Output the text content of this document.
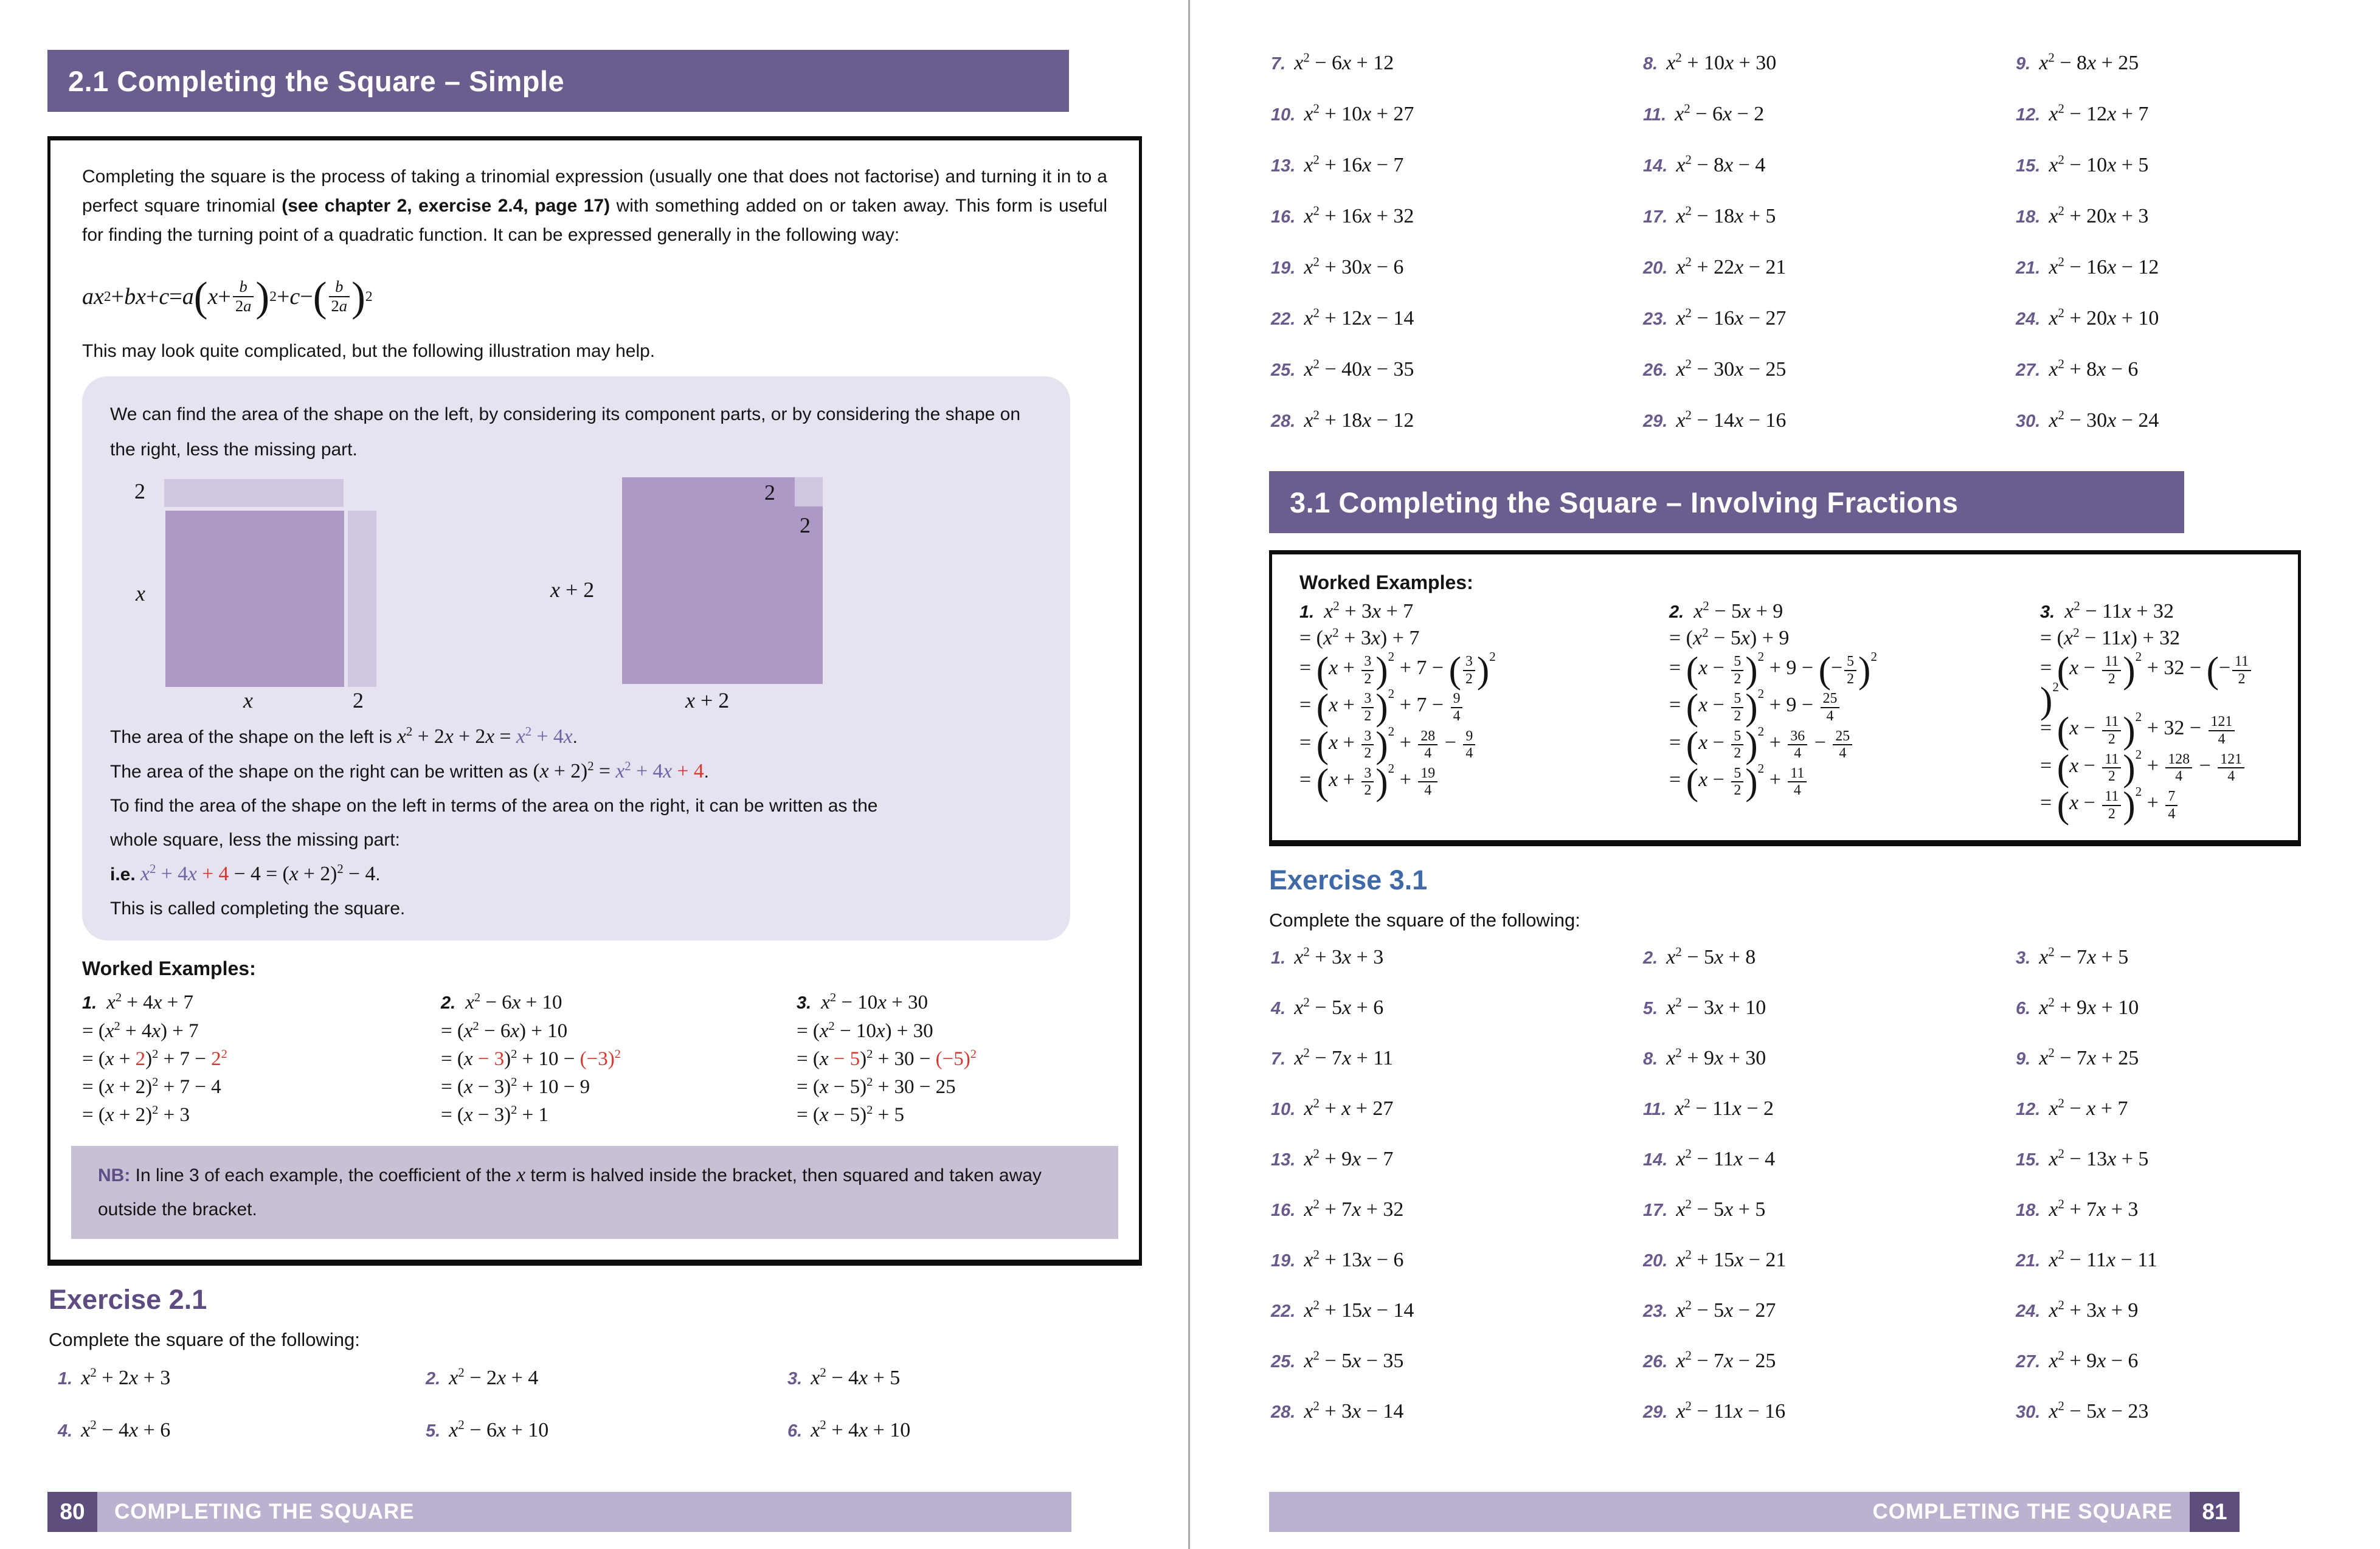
2.1 Completing the Square – Simple

Completing the square is the process of taking a trinomial expression (usually one that does not factorise) and turning it in to a perfect square trinomial (see chapter 2, exercise 2.4, page 17) with something added on or taken away. This form is useful for finding the turning point of a quadratic function. It can be expressed generally in the following way:

a x 2 + b x + c = a ( $x + \frac{b}{2a}$ ) 2 + c − ( $\frac{b}{2a}$ ) 2

This may look quite complicated, but the following illustration may help.

We can find the area of the shape on the left, by considering its component parts, or by considering the shape on the right, less the missing part.

2
x
x	2
2
2
x + 2
x + 2

The area of the shape on the left is $x^2 + 2x + 2x = x^2 + 4x$.

The area of the shape on the right can be written as $(x + 2)^2 = x^2 + 4x + 4$.

To find the area of the shape on the left in terms of the area on the right, it can be written as the

whole square, less the missing part:

i.e. $x^2 + 4x + 4 - 4 = (x + 2)^2 - 4$.

This is called completing the square.

Worked Examples:

1. $x^2 + 4x + 7$
= $(x^2 + 4x) + 7$
= $(x + 2)^2 + 7 - 2^2$
= $(x + 2)^2 + 7 - 4$
= $(x + 2)^2 + 3$
2. $x^2 - 6x + 10$
= $(x^2 - 6x) + 10$
= $(x - 3)^2 + 10 - (-3)^2$
= $(x - 3)^2 + 10 - 9$
= $(x - 3)^2 + 1$
3. $x^2 - 10x + 30$
= $(x^2 - 10x) + 30$
= $(x - 5)^2 + 30 - (-5)^2$
= $(x - 5)^2 + 30 - 25$
= $(x - 5)^2 + 5$
NB: In line 3 of each example, the coefficient of the x term is halved inside the bracket, then squared and taken away outside the bracket.
Exercise 2.1

Complete the square of the following:

1. $x^2 + 2x + 3$	2. $x^2 - 2x + 4$	3. $x^2 - 4x + 5$
4. $x^2 - 4x + 6$	5. $x^2 - 6x + 10$	6. $x^2 + 4x + 10$
80	COMPLETING THE SQUARE
7. $x^2 - 6x + 12$	8. $x^2 + 10x + 30$	9. $x^2 - 8x + 25$
10. $x^2 + 10x + 27$	11. $x^2 - 6x - 2$	12. $x^2 - 12x + 7$
13. $x^2 + 16x - 7$	14. $x^2 - 8x - 4$	15. $x^2 - 10x + 5$
16. $x^2 + 16x + 32$	17. $x^2 - 18x + 5$	18. $x^2 + 20x + 3$
19. $x^2 + 30x - 6$	20. $x^2 + 22x - 21$	21. $x^2 - 16x - 12$
22. $x^2 + 12x - 14$	23. $x^2 - 16x - 27$	24. $x^2 + 20x + 10$
25. $x^2 - 40x - 35$	26. $x^2 - 30x - 25$	27. $x^2 + 8x - 6$
28. $x^2 + 18x - 12$	29. $x^2 - 14x - 16$	30. $x^2 - 30x - 24$
3.1 Completing the Square – Involving Fractions

Worked Examples:

1. $x^2 + 3x + 7$
= $(x^2 + 3x) + 7$
= $(x + \frac{3}{2} )^2 + 7$ − ( $\frac{3}{2} )^2$
= $(x + \frac{3}{2} )^2 + 7 - \frac{9}{4}$
= $(x + \frac{3}{2} )^2 + \frac{28}{4} - \frac{9}{4}$
= $(x + \frac{3}{2} )^2 + \frac{19}{4}$
2. $x^2 - 5x + 9$
= $(x^2 - 5x) + 9$
= $(x - \frac{5}{2} )^2 + 9$ − (− $\frac{5}{2} )^2$
= $(x - \frac{5}{2} )^2 + 9 - \frac{25}{4}$
= $(x - \frac{5}{2} )^2 + \frac{36}{4} - \frac{25}{4}$
= $(x - \frac{5}{2} )^2 + \frac{11}{4}$
3. $x^2 - 11x + 32$
= $(x^2 - 11x) + 32$
= $(x - \frac{11}{2} )^2 + 32$ − (− $\frac{11}{2}$
)$^2$
= $(x - \frac{11}{2} )^2 + 32 - \frac{121}{4}$
= $(x - \frac{11}{2} )^2 + \frac{128}{4} - \frac{121}{4}$
= $(x - \frac{11}{2} )^2 + \frac{7}{4}$
Exercise 3.1

Complete the square of the following:

1. $x^2 + 3x + 3$	2. $x^2 - 5x + 8$	3. $x^2 - 7x + 5$
4. $x^2 - 5x + 6$	5. $x^2 - 3x + 10$	6. $x^2 + 9x + 10$
7. $x^2 - 7x + 11$	8. $x^2 + 9x + 30$	9. $x^2 - 7x + 25$
10. $x^2 + x + 27$	11. $x^2 - 11x - 2$	12. $x^2 - x + 7$
13. $x^2 + 9x - 7$	14. $x^2 - 11x - 4$	15. $x^2 - 13x + 5$
16. $x^2 + 7x + 32$	17. $x^2 - 5x + 5$	18. $x^2 + 7x + 3$
19. $x^2 + 13x - 6$	20. $x^2 + 15x - 21$	21. $x^2 - 11x - 11$
22. $x^2 + 15x - 14$	23. $x^2 - 5x - 27$	24. $x^2 + 3x + 9$
25. $x^2 - 5x - 35$	26. $x^2 - 7x - 25$	27. $x^2 + 9x - 6$
28. $x^2 + 3x - 14$	29. $x^2 - 11x - 16$	30. $x^2 - 5x - 23$
COMPLETING THE SQUARE	81
